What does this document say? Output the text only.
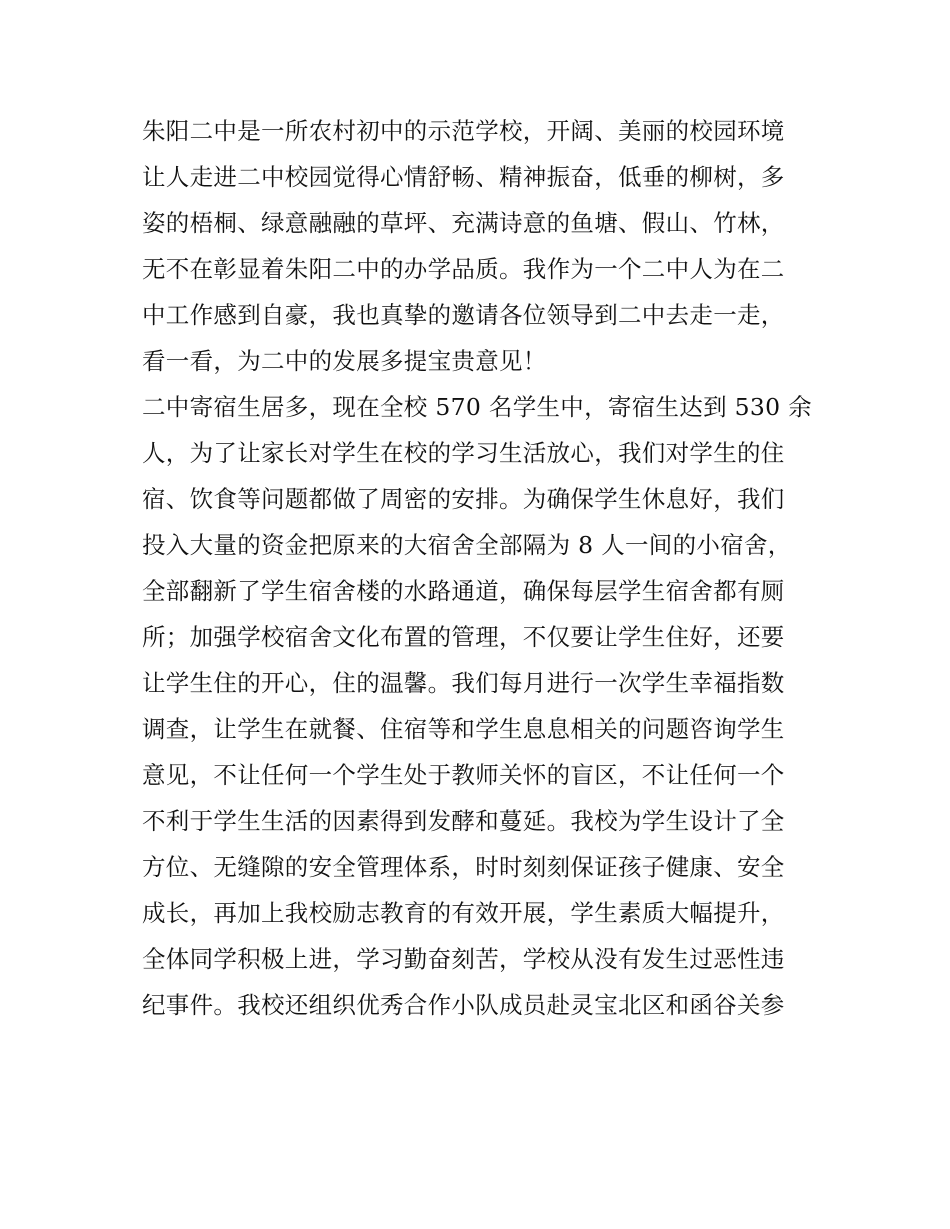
朱阳二中是一所农村初中的示范学校，开阔、美丽的校园环境
让人走进二中校园觉得心情舒畅、精神振奋，低垂的柳树，多
姿的梧桐、绿意融融的草坪、充满诗意的鱼塘、假山、竹林，
无不在彰显着朱阳二中的办学品质。我作为一个二中人为在二
中工作感到自豪，我也真挚的邀请各位领导到二中去走一走，
看一看，为二中的发展多提宝贵意见！
二中寄宿生居多，现在全校 570 名学生中，寄宿生达到 530 余
人，为了让家长对学生在校的学习生活放心，我们对学生的住
宿、饮食等问题都做了周密的安排。为确保学生休息好，我们
投入大量的资金把原来的大宿舍全部隔为 8 人一间的小宿舍，
全部翻新了学生宿舍楼的水路通道，确保每层学生宿舍都有厕
所；加强学校宿舍文化布置的管理，不仅要让学生住好，还要
让学生住的开心，住的温馨。我们每月进行一次学生幸福指数
调查，让学生在就餐、住宿等和学生息息相关的问题咨询学生
意见，不让任何一个学生处于教师关怀的盲区，不让任何一个
不利于学生生活的因素得到发酵和蔓延。我校为学生设计了全
方位、无缝隙的安全管理体系，时时刻刻保证孩子健康、安全
成长，再加上我校励志教育的有效开展，学生素质大幅提升，
全体同学积极上进，学习勤奋刻苦，学校从没有发生过恶性违
纪事件。我校还组织优秀合作小队成员赴灵宝北区和函谷关参
